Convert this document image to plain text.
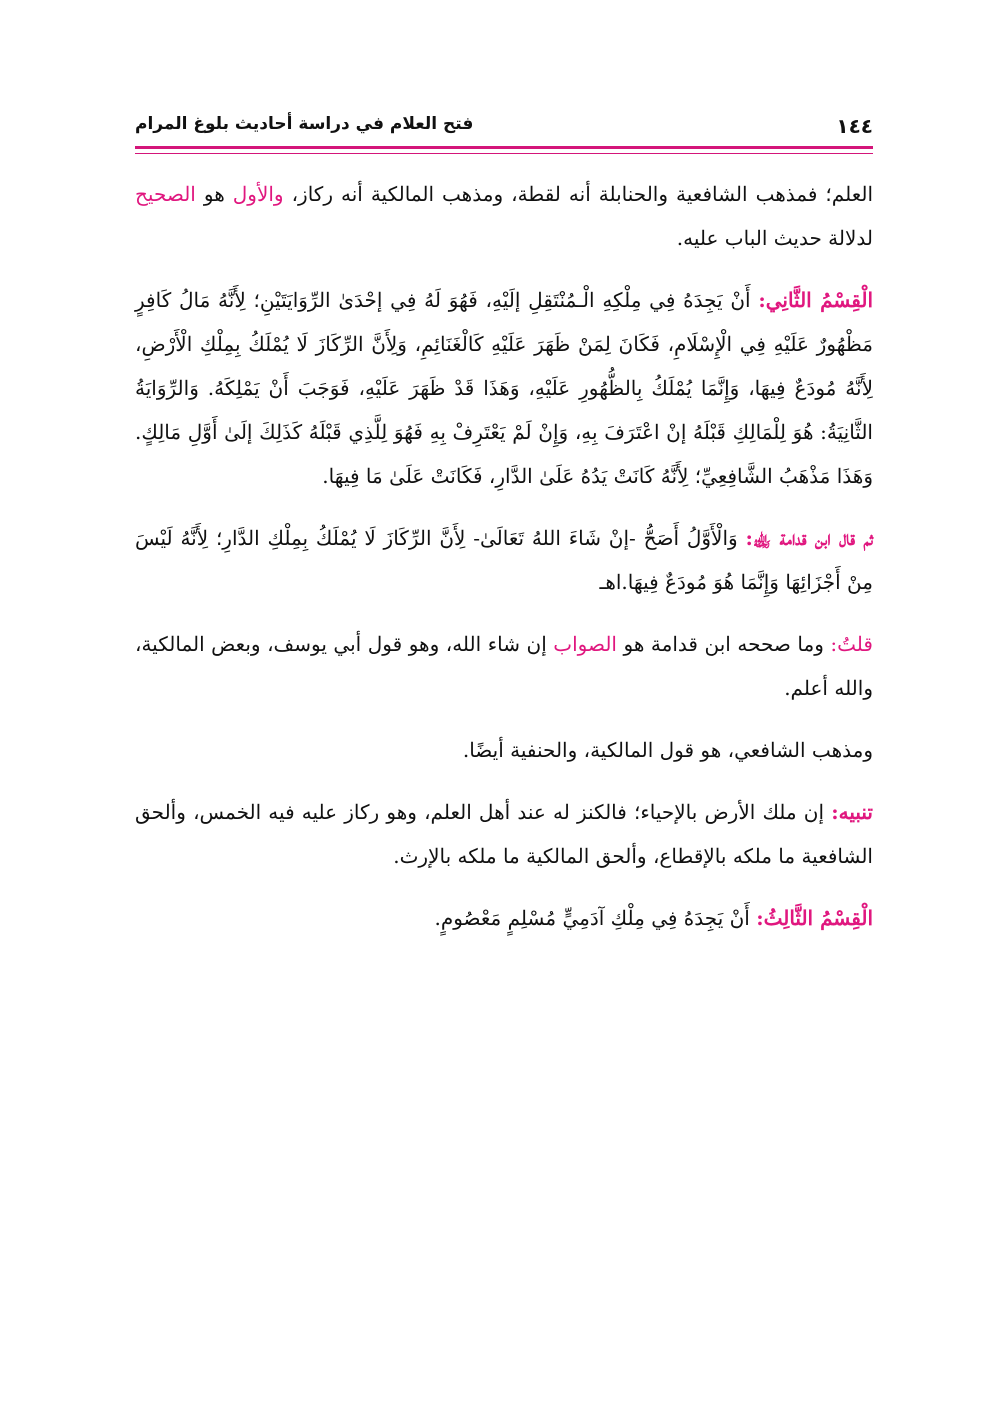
١٤٤
فتح العلام في دراسة أحاديث بلوغ المرام

العلم؛ فمذهب الشافعية والحنابلة أنه لقطة، ومذهب المالكية أنه ركاز، والأول هو الصحيح لدلالة حديث الباب عليه.

الْقِسْمُ الثَّانِي: أَنْ يَجِدَهُ فِي مِلْكِهِ الْـمُنْتَقِلِ إلَيْهِ، فَهُوَ لَهُ فِي إحْدَىٰ الرِّوَايَتَيْنِ؛ لِأَنَّهُ مَالُ كَافِرٍ مَظْهُورٌ عَلَيْهِ فِي الْإِسْلَامِ، فَكَانَ لِمَنْ ظَهَرَ عَلَيْهِ كَالْغَنَائِمِ، وَلِأَنَّ الرِّكَازَ لَا يُمْلَكُ بِمِلْكِ الْأَرْضِ، لِأَنَّهُ مُودَعٌ فِيهَا، وَإِنَّمَا يُمْلَكُ بِالظُّهُورِ عَلَيْهِ، وَهَذَا قَدْ ظَهَرَ عَلَيْهِ، فَوَجَبَ أَنْ يَمْلِكَهُ. وَالرِّوَايَةُ الثَّانِيَةُ: هُوَ لِلْمَالِكِ قَبْلَهُ إنْ اعْتَرَفَ بِهِ، وَإِنْ لَمْ يَعْتَرِفْ بِهِ فَهُوَ لِلَّذِي قَبْلَهُ كَذَلِكَ إلَىٰ أَوَّلِ مَالِكٍ. وَهَذَا مَذْهَبُ الشَّافِعِيِّ؛ لِأَنَّهُ كَانَتْ يَدُهُ عَلَىٰ الدَّارِ، فَكَانَتْ عَلَىٰ مَا فِيهَا.

ثم قال ابن قدامة ﵀: وَالْأَوَّلُ أَصَحُّ -إنْ شَاءَ اللهُ تَعَالَىٰ- لِأَنَّ الرِّكَازَ لَا يُمْلَكُ بِمِلْكِ الدَّارِ؛ لِأَنَّهُ لَيْسَ مِنْ أَجْزَائِهَا وَإِنَّمَا هُوَ مُودَعٌ فِيهَا.اهـ

قلتُ: وما صححه ابن قدامة هو الصواب إن شاء الله، وهو قول أبي يوسف، وبعض المالكية، والله أعلم.

ومذهب الشافعي، هو قول المالكية، والحنفية أيضًا.

تنبيه: إن ملك الأرض بالإحياء؛ فالكنز له عند أهل العلم، وهو ركاز عليه فيه الخمس، وألحق الشافعية ما ملكه بالإقطاع، وألحق المالكية ما ملكه بالإرث.

الْقِسْمُ الثَّالِثُ: أَنْ يَجِدَهُ فِي مِلْكِ آدَمِيٍّ مُسْلِمٍ مَعْصُومٍ.
